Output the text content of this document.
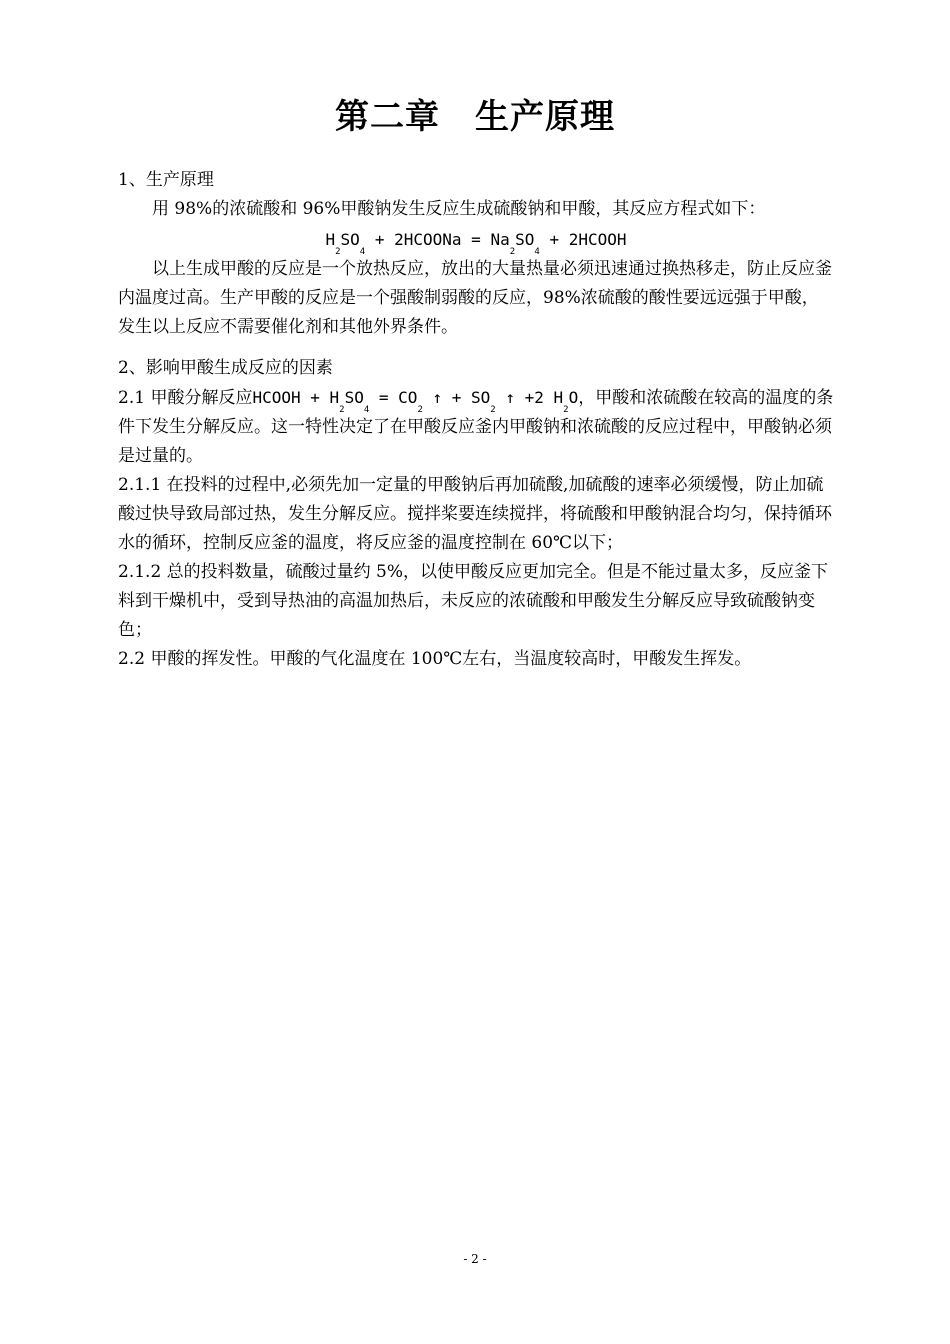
第二章　生产原理

1、生产原理

用 98%的浓硫酸和 96%甲酸钠发生反应生成硫酸钠和甲酸，其反应方程式如下：

$H_2SO_4$ + 2HCOONa = $Na_2SO_4$ + 2HCOOH

以上生成甲酸的反应是一个放热反应，放出的大量热量必须迅速通过换热移走，防止反应釜内温度过高。生产甲酸的反应是一个强酸制弱酸的反应，98%浓硫酸的酸性要远远强于甲酸，发生以上反应不需要催化剂和其他外界条件。

2、影响甲酸生成反应的因素

2.1 甲酸分解反应HCOOH + $H_2SO_4 = CO_2$ ↑ + $SO_2$ ↑ +2 $H_2O$，甲酸和浓硫酸在较高的温度的条件下发生分解反应。这一特性决定了在甲酸反应釜内甲酸钠和浓硫酸的反应过程中，甲酸钠必须是过量的。

2.1.1 在投料的过程中,必须先加一定量的甲酸钠后再加硫酸,加硫酸的速率必须缓慢，防止加硫酸过快导致局部过热，发生分解反应。搅拌桨要连续搅拌，将硫酸和甲酸钠混合均匀，保持循环水的循环，控制反应釜的温度，将反应釜的温度控制在 60℃以下；

2.1.2 总的投料数量，硫酸过量约 5%，以使甲酸反应更加完全。但是不能过量太多，反应釜下料到干燥机中，受到导热油的高温加热后，未反应的浓硫酸和甲酸发生分解反应导致硫酸钠变色；

2.2 甲酸的挥发性。甲酸的气化温度在 100℃左右，当温度较高时，甲酸发生挥发。

- 2 -
